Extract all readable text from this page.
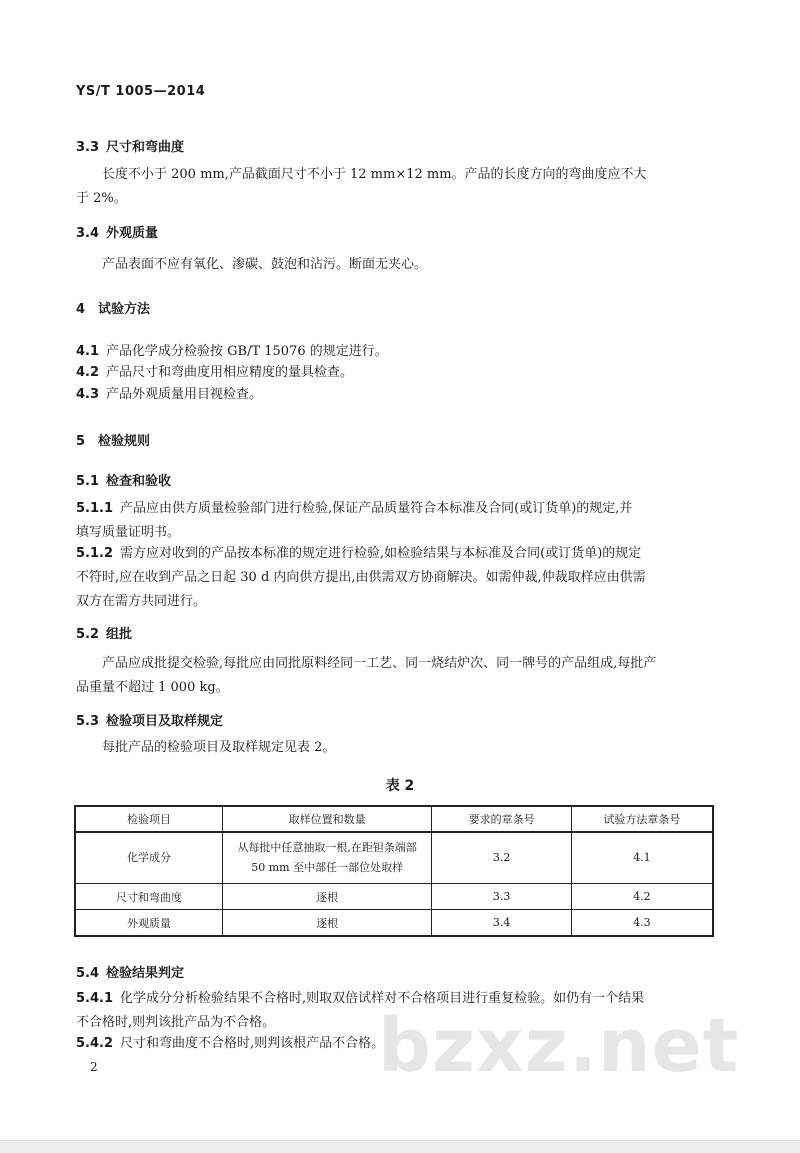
YS/T 1005—2014
3.3 尺寸和弯曲度
长度不小于 200 mm,产品截面尺寸不小于 12 mm×12 mm。产品的长度方向的弯曲度应不大
于 2%。
3.4 外观质量
产品表面不应有氧化、渗碳、鼓泡和沾污。断面无夹心。
4 试验方法
4.1 产品化学成分检验按 GB/T 15076 的规定进行。
4.2 产品尺寸和弯曲度用相应精度的量具检查。
4.3 产品外观质量用目视检查。
5 检验规则
5.1 检查和验收
5.1.1 产品应由供方质量检验部门进行检验,保证产品质量符合本标准及合同(或订货单)的规定,并
填写质量证明书。
5.1.2 需方应对收到的产品按本标准的规定进行检验,如检验结果与本标准及合同(或订货单)的规定
不符时,应在收到产品之日起 30 d 内向供方提出,由供需双方协商解决。如需仲裁,仲裁取样应由供需
双方在需方共同进行。
5.2 组批
产品应成批提交检验,每批应由同批原料经同一工艺、同一烧结炉次、同一牌号的产品组成,每批产
品重量不超过 1 000 kg。
5.3 检验项目及取样规定
每批产品的检验项目及取样规定见表 2。
表 2
检验项目	取样位置和数量	要求的章条号	试验方法章条号
化学成分	从每批中任意抽取一根,在距钽条端部
50 mm 至中部任一部位处取样	3.2	4.1
尺寸和弯曲度	逐根	3.3	4.2
外观质量	逐根	3.4	4.3
5.4 检验结果判定
bzxz.net
5.4.1 化学成分分析检验结果不合格时,则取双倍试样对不合格项目进行重复检验。如仍有一个结果
不合格时,则判该批产品为不合格。
5.4.2 尺寸和弯曲度不合格时,则判该根产品不合格。
2
